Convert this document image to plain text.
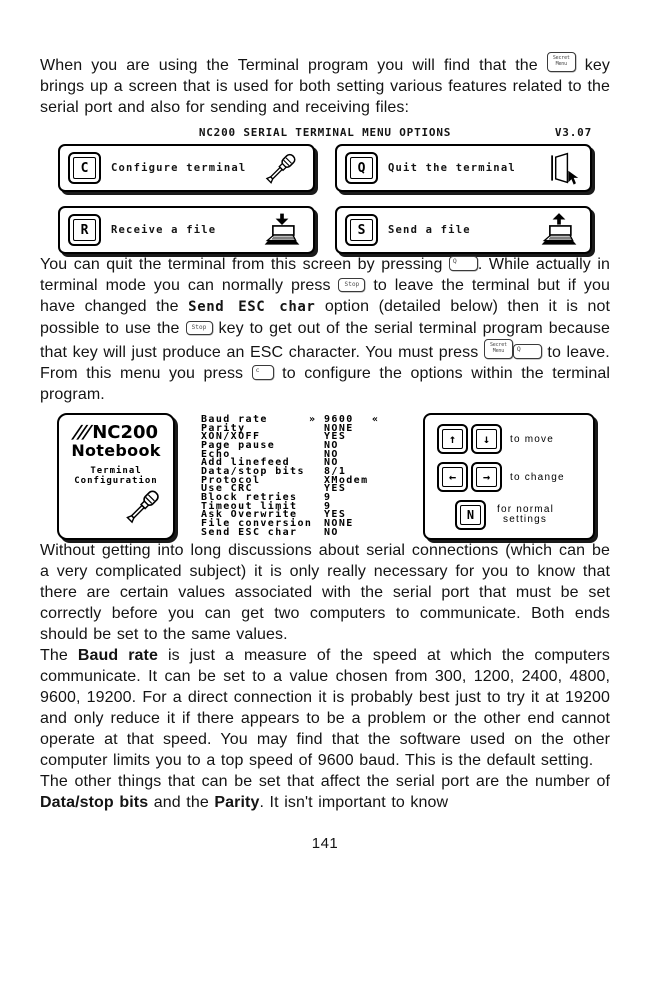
When you are using the Terminal program you will find that the	Secret
Menu key brings up a screen that is used for both setting various features related to the serial port and also for sending and receiving files:

NC200 SERIAL TERMINAL MENU OPTIONS	V3.07
C	Configure terminal	Q	Quit the terminal
R	Receive a file	S	Send a file

You can quit the terminal from this screen by pressing Q . While actually in terminal mode you can normally press Stop to leave the terminal but if you have changed the Send ESC char option (detailed below) then it is not possible to use the Stop key to get out of the serial terminal program because that key will just produce an ESC character. You must press	Secret
Menu	Q to leave.

From this menu you press c to configure the options within the terminal program.

///NC200
Notebook
Terminal
Configuration
Baud rate	» 9600 «
Parity	NONE
XON/XOFF	YES
Page pause	NO
Echo	NO
Add linefeed	NO
Data/stop bits 8/1
Protocol	XModem
Use CRC	YES
Block retries	9
Timeout limit	9
Ask Overwrite	YES
File conversion NONE
Send ESC char	NO
↑	↓	to move
←	→	to change
N	for normal
settings

Without getting into long discussions about serial connections (which can be a very complicated subject) it is only really necessary for you to know that there are certain values associated with the serial port that must be set correctly before you can get two computers to communicate. Both ends should be set to the same values.

The Baud rate is just a measure of the speed at which the computers communicate. It can be set to a value chosen from 300, 1200, 2400, 4800, 9600, 19200. For a direct connection it is probably best just to try it at 19200 and only reduce it if there appears to be a problem or the other end cannot operate at that speed. You may find that the software used on the other computer limits you to a top speed of 9600 baud. This is the default setting.

The other things that can be set that affect the serial port are the number of Data/stop bits and the Parity. It isn't important to know

141
